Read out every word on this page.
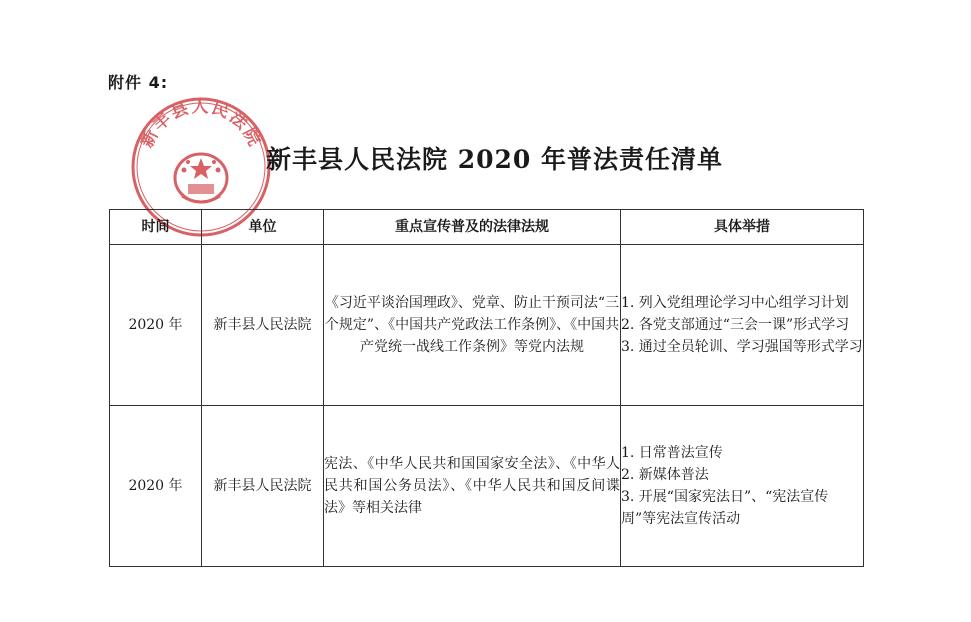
附件 4:
新丰县人民法院
新丰县人民法院 2020 年普法责任清单
时间	单位	重点宣传普及的法律法规	具体举措
2020 年	新丰县人民法院	《习近平谈治国理政》、党章、防止干预司法“三个规定”、《中国共产党政法工作条例》、《中国共产党统一战线工作条例》等党内法规	1. 列入党组理论学习中心组学习计划
2. 各党支部通过“三会一课”形式学习
3. 通过全员轮训、学习强国等形式学习

2020 年	新丰县人民法院	宪法、《中华人民共和国国家安全法》、《中华人民共和国公务员法》、《中华人民共和国反间谍法》等相关法律	1. 日常普法宣传
2. 新媒体普法
3. 开展“国家宪法日”、“宪法宣传周”等宪法宣传活动
